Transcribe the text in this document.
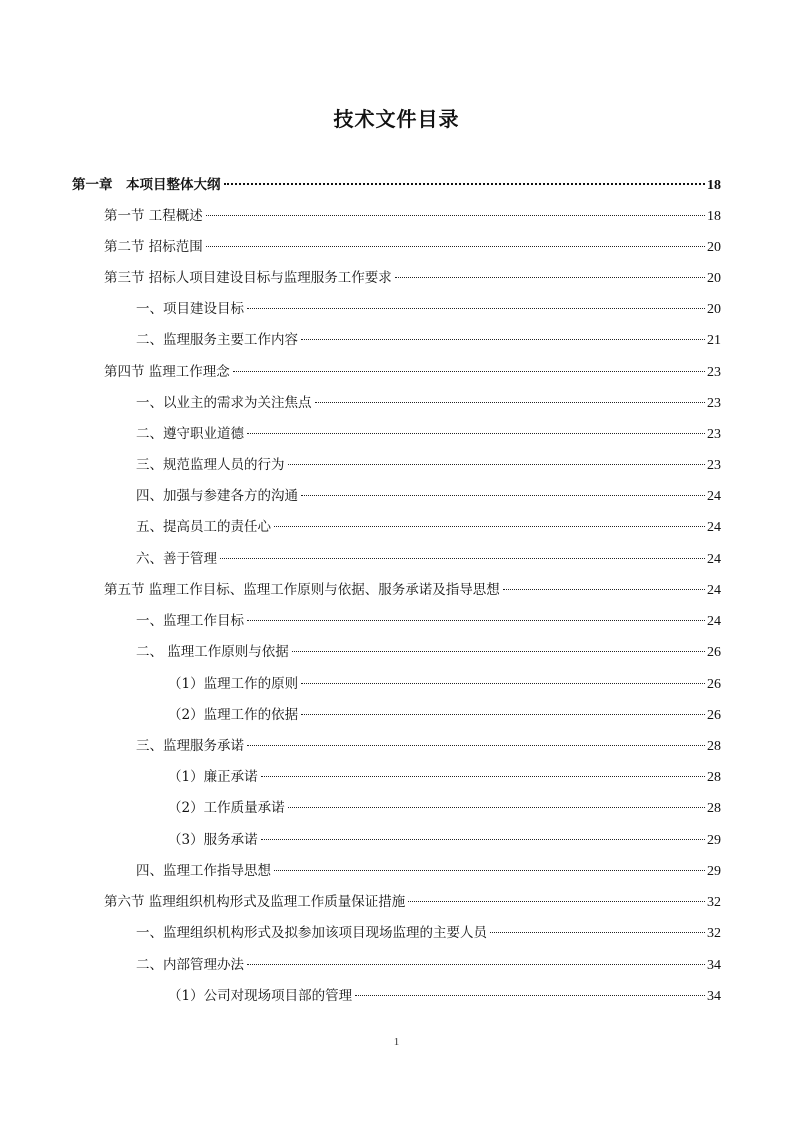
技术文件目录
第一章　本项目整体大纲	18
第一节 工程概述	18
第二节 招标范围	20
第三节 招标人项目建设目标与监理服务工作要求	20
一、项目建设目标	20
二、监理服务主要工作内容	21
第四节 监理工作理念	23
一、以业主的需求为关注焦点	23
二、遵守职业道德	23
三、规范监理人员的行为	23
四、加强与参建各方的沟通	24
五、提高员工的责任心	24
六、善于管理	24
第五节 监理工作目标、监理工作原则与依据、服务承诺及指导思想	24
一、监理工作目标	24
二、 监理工作原则与依据	26
（1）监理工作的原则	26
（2）监理工作的依据	26
三、监理服务承诺	28
（1）廉正承诺	28
（2）工作质量承诺	28
（3）服务承诺	29
四、监理工作指导思想	29
第六节 监理组织机构形式及监理工作质量保证措施	32
一、监理组织机构形式及拟参加该项目现场监理的主要人员	32
二、内部管理办法	34
（1）公司对现场项目部的管理	34
1
